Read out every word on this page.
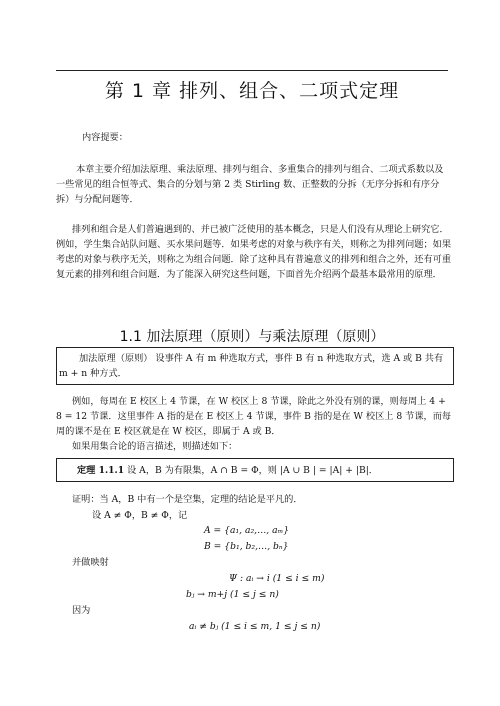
第 1 章 排列、组合、二项式定理

内容提要：

本章主要介绍加法原理、乘法原理、排列与组合、多重集合的排列与组合、二项式系数以及一些常见的组合恒等式、集合的分划与第 2 类 Stirling 数、正整数的分拆（无序分拆和有序分拆）与分配问题等．

排列和组合是人们普遍遇到的、并已被广泛使用的基本概念，只是人们没有从理论上研究它．例如，学生集合站队问题、买水果问题等．如果考虑的对象与秩序有关，则称之为排列问题；如果考虑的对象与秩序无关，则称之为组合问题．除了这种具有普遍意义的排列和组合之外，还有可重复元素的排列和组合问题．为了能深入研究这些问题，下面首先介绍两个最基本最常用的原理．

1.1 加法原理（原则）与乘法原理（原则）

加法原理（原则） 设事件 A 有 m 种选取方式，事件 B 有 n 种选取方式，选 A 或 B 共有 m + n 种方式．

例如，每周在 E 校区上 4 节课，在 W 校区上 8 节课，除此之外没有别的课，则每周上 4 + 8 = 12 节课．这里事件 A 指的是在 E 校区上 4 节课，事件 B 指的是在 W 校区上 8 节课，而每周的课不是在 E 校区就是在 W 校区，即属于 A 或 B．

如果用集合论的语言描述，则描述如下：

定理 1.1.1 设 A，B 为有限集，A ∩ B = Φ，则 |A ∪ B | = |A| + |B|．

证明：当 A，B 中有一个是空集，定理的结论是平凡的．

设 A ≠ Φ，B ≠ Φ，记

A = {a₁, a₂,…, aₘ}
B = {b₁, b₂,…, bₙ}

并做映射

Ψ : aᵢ → i (1 ≤ i ≤ m)
bⱼ → m+j (1 ≤ j ≤ n)

因为

aᵢ ≠ bⱼ (1 ≤ i ≤ m, 1 ≤ j ≤ n)
